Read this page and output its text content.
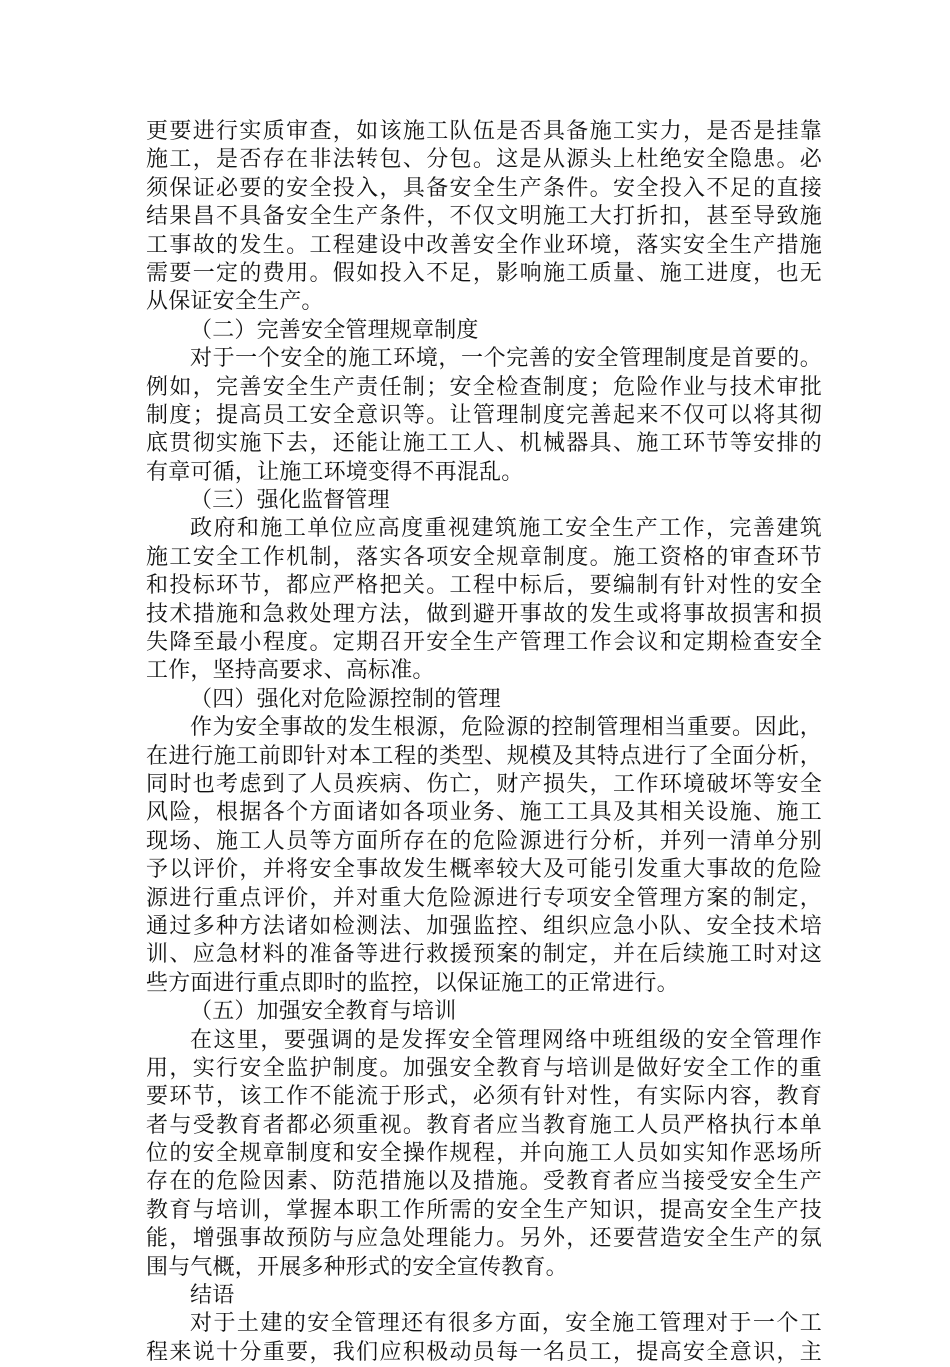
更要进行实质审查，如该施工队伍是否具备施工实力，是否是挂靠
施工，是否存在非法转包、分包。这是从源头上杜绝安全隐患。必
须保证必要的安全投入，具备安全生产条件。安全投入不足的直接
结果昌不具备安全生产条件，不仅文明施工大打折扣，甚至导致施
工事故的发生。工程建设中改善安全作业环境，落实安全生产措施
需要一定的费用。假如投入不足，影响施工质量、施工进度，也无
从保证安全生产。
（二）完善安全管理规章制度
对于一个安全的施工环境，一个完善的安全管理制度是首要的。
例如，完善安全生产责任制；安全检查制度；危险作业与技术审批
制度；提高员工安全意识等。让管理制度完善起来不仅可以将其彻
底贯彻实施下去，还能让施工工人、机械器具、施工环节等安排的
有章可循，让施工环境变得不再混乱。
（三）强化监督管理
政府和施工单位应高度重视建筑施工安全生产工作，完善建筑
施工安全工作机制，落实各项安全规章制度。施工资格的审查环节
和投标环节，都应严格把关。工程中标后，要编制有针对性的安全
技术措施和急救处理方法，做到避开事故的发生或将事故损害和损
失降至最小程度。定期召开安全生产管理工作会议和定期检查安全
工作，坚持高要求、高标准。
（四）强化对危险源控制的管理
作为安全事故的发生根源，危险源的控制管理相当重要。因此，
在进行施工前即针对本工程的类型、规模及其特点进行了全面分析，
同时也考虑到了人员疾病、伤亡，财产损失，工作环境破坏等安全
风险，根据各个方面诸如各项业务、施工工具及其相关设施、施工
现场、施工人员等方面所存在的危险源进行分析，并列一清单分别
予以评价，并将安全事故发生概率较大及可能引发重大事故的危险
源进行重点评价，并对重大危险源进行专项安全管理方案的制定，
通过多种方法诸如检测法、加强监控、组织应急小队、安全技术培
训、应急材料的准备等进行救援预案的制定，并在后续施工时对这
些方面进行重点即时的监控，以保证施工的正常进行。
（五）加强安全教育与培训
在这里，要强调的是发挥安全管理网络中班组级的安全管理作
用，实行安全监护制度。加强安全教育与培训是做好安全工作的重
要环节，该工作不能流于形式，必须有针对性，有实际内容，教育
者与受教育者都必须重视。教育者应当教育施工人员严格执行本单
位的安全规章制度和安全操作规程，并向施工人员如实知作恶场所
存在的危险因素、防范措施以及措施。受教育者应当接受安全生产
教育与培训，掌握本职工作所需的安全生产知识，提高安全生产技
能，增强事故预防与应急处理能力。另外，还要营造安全生产的氛
围与气概，开展多种形式的安全宣传教育。
结语
对于土建的安全管理还有很多方面，安全施工管理对于一个工
程来说十分重要，我们应积极动员每一名员工，提高安全意识，主
